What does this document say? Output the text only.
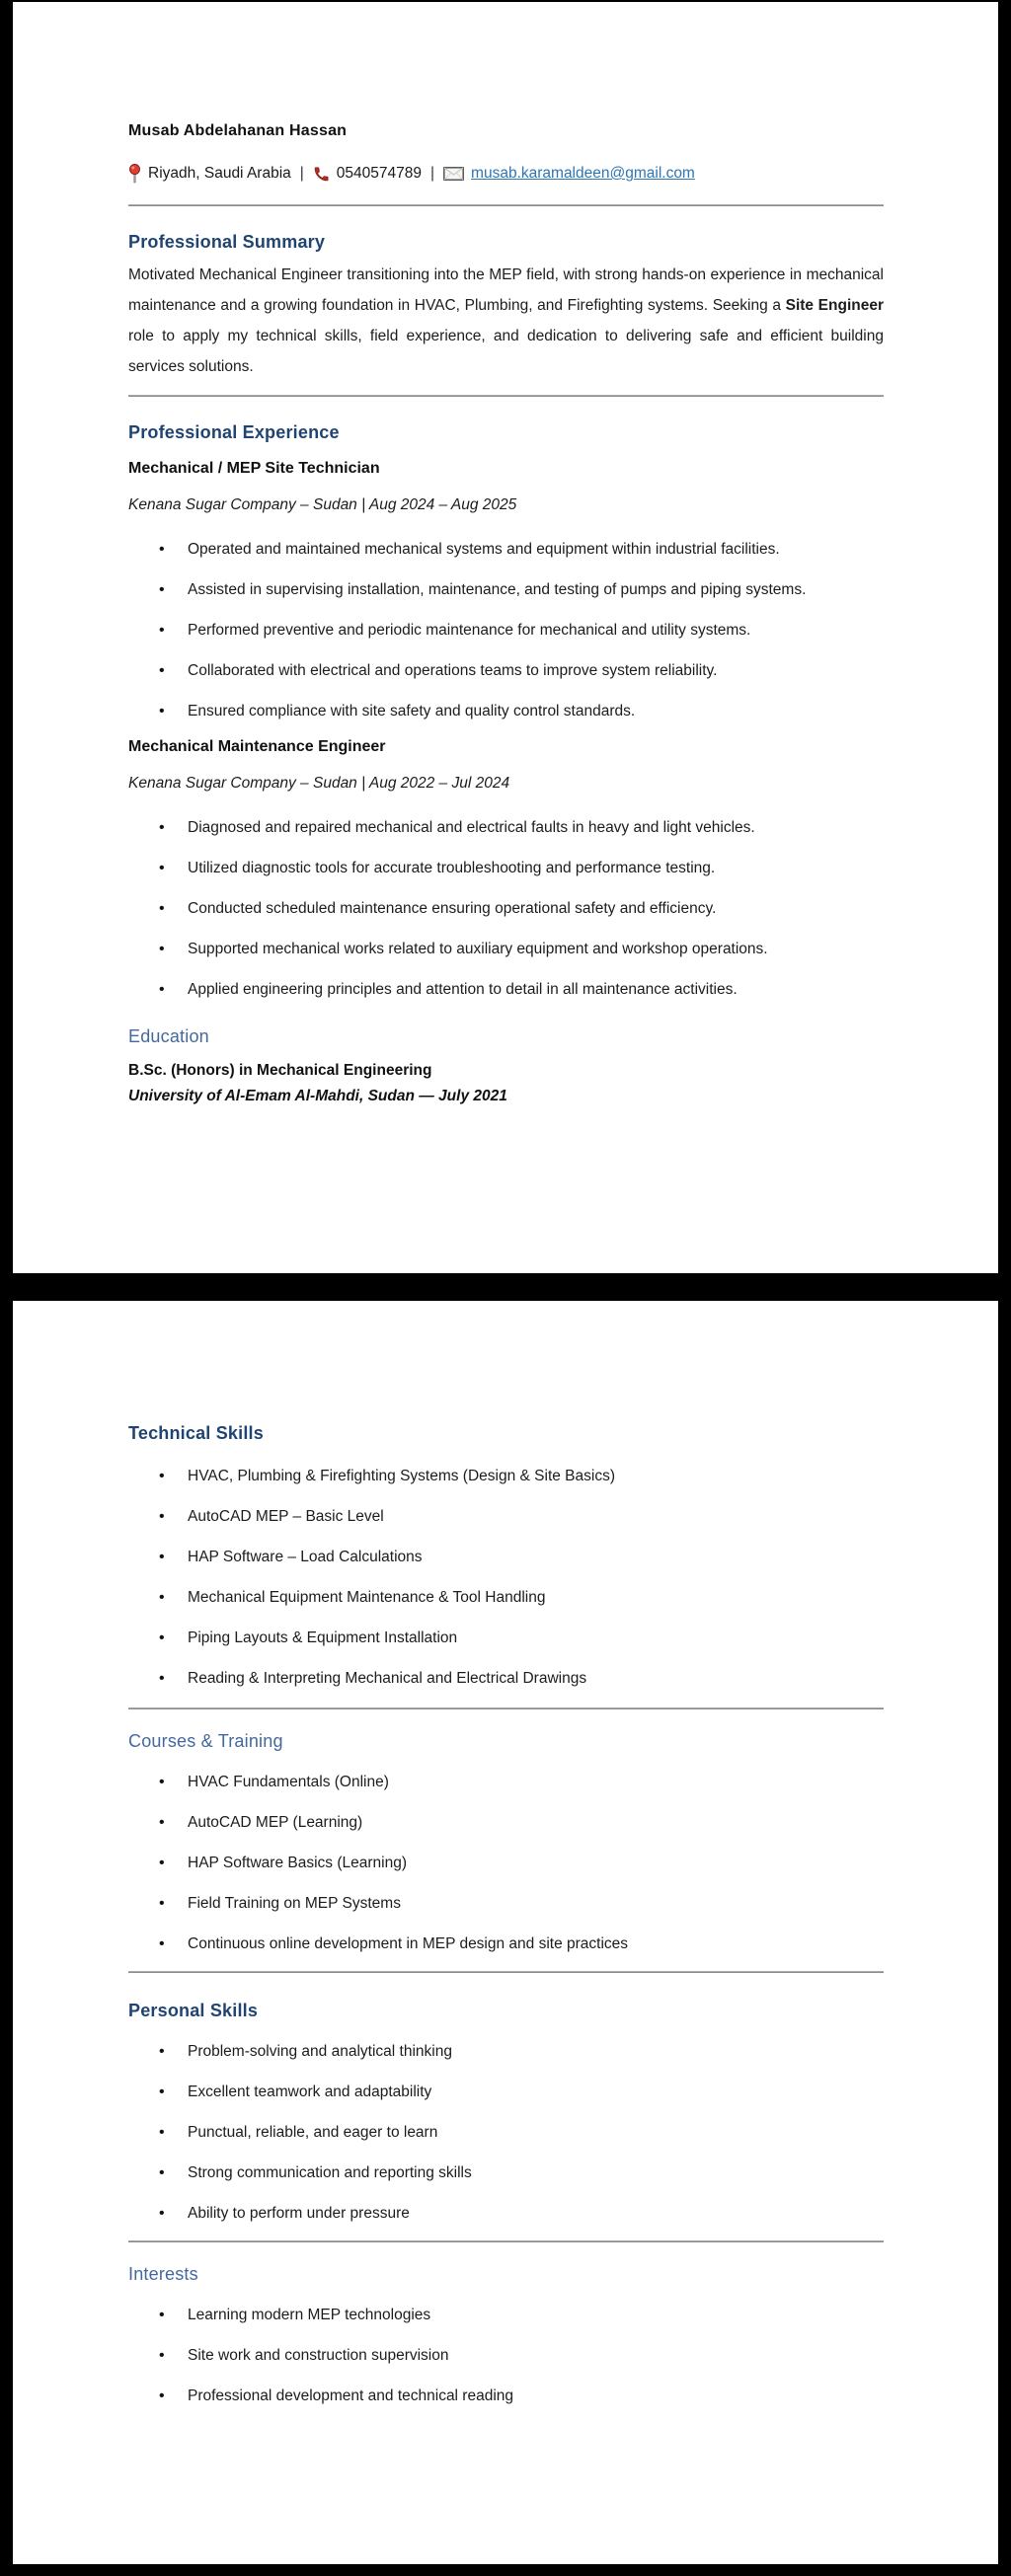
Musab Abdelahanan Hassan
Riyadh, Saudi Arabia | 0540574789 | musab.karamaldeen@gmail.com
Professional Summary

Motivated Mechanical Engineer transitioning into the MEP field, with strong hands-on experience in mechanical maintenance and a growing foundation in HVAC, Plumbing, and Firefighting systems. Seeking a Site Engineer role to apply my technical skills, field experience, and dedication to delivering safe and efficient building services solutions.

Professional Experience
Mechanical / MEP Site Technician
Kenana Sugar Company – Sudan | Aug 2024 – Aug 2025
• Operated and maintained mechanical systems and equipment within industrial facilities.
• Assisted in supervising installation, maintenance, and testing of pumps and piping systems.
• Performed preventive and periodic maintenance for mechanical and utility systems.
• Collaborated with electrical and operations teams to improve system reliability.
• Ensured compliance with site safety and quality control standards.
Mechanical Maintenance Engineer
Kenana Sugar Company – Sudan | Aug 2022 – Jul 2024
• Diagnosed and repaired mechanical and electrical faults in heavy and light vehicles.
• Utilized diagnostic tools for accurate troubleshooting and performance testing.
• Conducted scheduled maintenance ensuring operational safety and efficiency.
• Supported mechanical works related to auxiliary equipment and workshop operations.
• Applied engineering principles and attention to detail in all maintenance activities.
Education
B.Sc. (Honors) in Mechanical Engineering
University of Al-Emam Al-Mahdi, Sudan — July 2021
Technical Skills
• HVAC, Plumbing & Firefighting Systems (Design & Site Basics)
• AutoCAD MEP – Basic Level
• HAP Software – Load Calculations
• Mechanical Equipment Maintenance & Tool Handling
• Piping Layouts & Equipment Installation
• Reading & Interpreting Mechanical and Electrical Drawings
Courses & Training
• HVAC Fundamentals (Online)
• AutoCAD MEP (Learning)
• HAP Software Basics (Learning)
• Field Training on MEP Systems
• Continuous online development in MEP design and site practices
Personal Skills
• Problem-solving and analytical thinking
• Excellent teamwork and adaptability
• Punctual, reliable, and eager to learn
• Strong communication and reporting skills
• Ability to perform under pressure
Interests
• Learning modern MEP technologies
• Site work and construction supervision
• Professional development and technical reading
